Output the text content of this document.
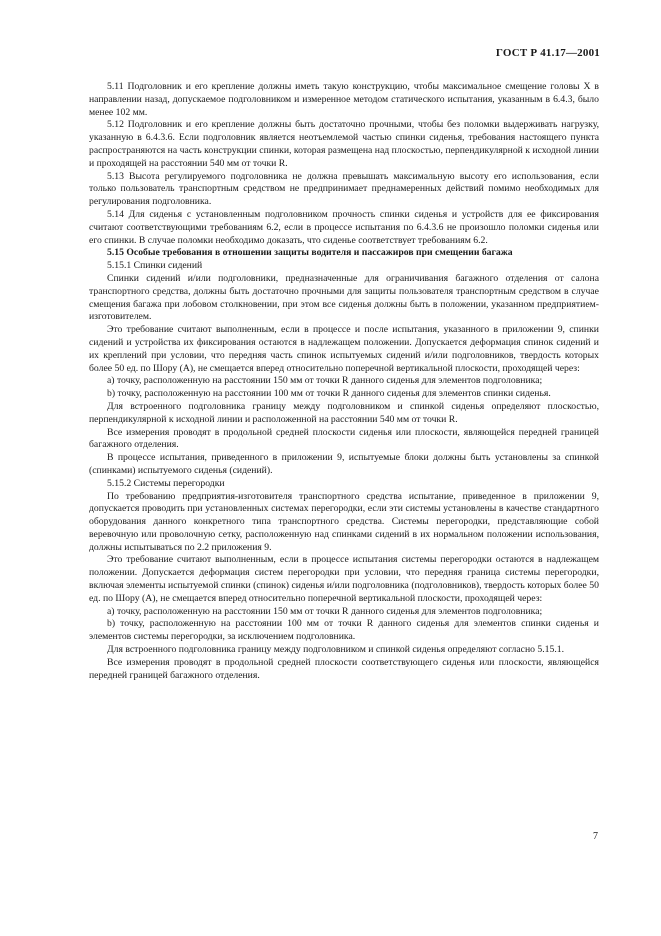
ГОСТ Р 41.17—2001

5.11 Подголовник и его крепление должны иметь такую конструкцию, чтобы максимальное смещение головы X в направлении назад, допускаемое подголовником и измеренное методом статического испытания, указанным в 6.4.3, было менее 102 мм.

5.12 Подголовник и его крепление должны быть достаточно прочными, чтобы без поломки выдерживать нагрузку, указанную в 6.4.3.6. Если подголовник является неотъемлемой частью спинки сиденья, требования настоящего пункта распространяются на часть конструкции спинки, которая размещена над плоскостью, перпендикулярной к исходной линии и проходящей на расстоянии 540 мм от точки R.

5.13 Высота регулируемого подголовника не должна превышать максимальную высоту его использования, если только пользователь транспортным средством не предпринимает преднамеренных действий помимо необходимых для регулирования подголовника.

5.14 Для сиденья с установленным подголовником прочность спинки сиденья и устройств для ее фиксирования считают соответствующими требованиям 6.2, если в процессе испытания по 6.4.3.6 не произошло поломки сиденья или его спинки. В случае поломки необходимо доказать, что сиденье соответствует требованиям 6.2.

5.15 Особые требования в отношении защиты водителя и пассажиров при смещении багажа

5.15.1 Спинки сидений

Спинки сидений и/или подголовники, предназначенные для ограничивания багажного отделения от салона транспортного средства, должны быть достаточно прочными для защиты пользователя транспортным средством в случае смещения багажа при лобовом столкновении, при этом все сиденья должны быть в положении, указанном предприятием-изготовителем.

Это требование считают выполненным, если в процессе и после испытания, указанного в приложении 9, спинки сидений и устройства их фиксирования остаются в надлежащем положении. Допускается деформация спинок сидений и их креплений при условии, что передняя часть спинок испытуемых сидений и/или подголовников, твердость которых более 50 ед. по Шору (А), не смещается вперед относительно поперечной вертикальной плоскости, проходящей через:

a) точку, расположенную на расстоянии 150 мм от точки R данного сиденья для элементов подголовника;

b) точку, расположенную на расстоянии 100 мм от точки R данного сиденья для элементов спинки сиденья.

Для встроенного подголовника границу между подголовником и спинкой сиденья определяют плоскостью, перпендикулярной к исходной линии и расположенной на расстоянии 540 мм от точки R.

Все измерения проводят в продольной средней плоскости сиденья или плоскости, являющейся передней границей багажного отделения.

В процессе испытания, приведенного в приложении 9, испытуемые блоки должны быть установлены за спинкой (спинками) испытуемого сиденья (сидений).

5.15.2 Системы перегородки

По требованию предприятия-изготовителя транспортного средства испытание, приведенное в приложении 9, допускается проводить при установленных системах перегородки, если эти системы установлены в качестве стандартного оборудования данного конкретного типа транспортного средства. Системы перегородки, представляющие собой веревочную или проволочную сетку, расположенную над спинками сидений в их нормальном положении использования, должны испытываться по 2.2 приложения 9.

Это требование считают выполненным, если в процессе испытания системы перегородки остаются в надлежащем положении. Допускается деформация систем перегородки при условии, что передняя граница системы перегородки, включая элементы испытуемой спинки (спинок) сиденья и/или подголовника (подголовников), твердость которых более 50 ед. по Шору (А), не смещается вперед относительно поперечной вертикальной плоскости, проходящей через:

a) точку, расположенную на расстоянии 150 мм от точки R данного сиденья для элементов подголовника;

b) точку, расположенную на расстоянии 100 мм от точки R данного сиденья для элементов спинки сиденья и элементов системы перегородки, за исключением подголовника.

Для встроенного подголовника границу между подголовником и спинкой сиденья определяют согласно 5.15.1.

Все измерения проводят в продольной средней плоскости соответствующего сиденья или плоскости, являющейся передней границей багажного отделения.

7
